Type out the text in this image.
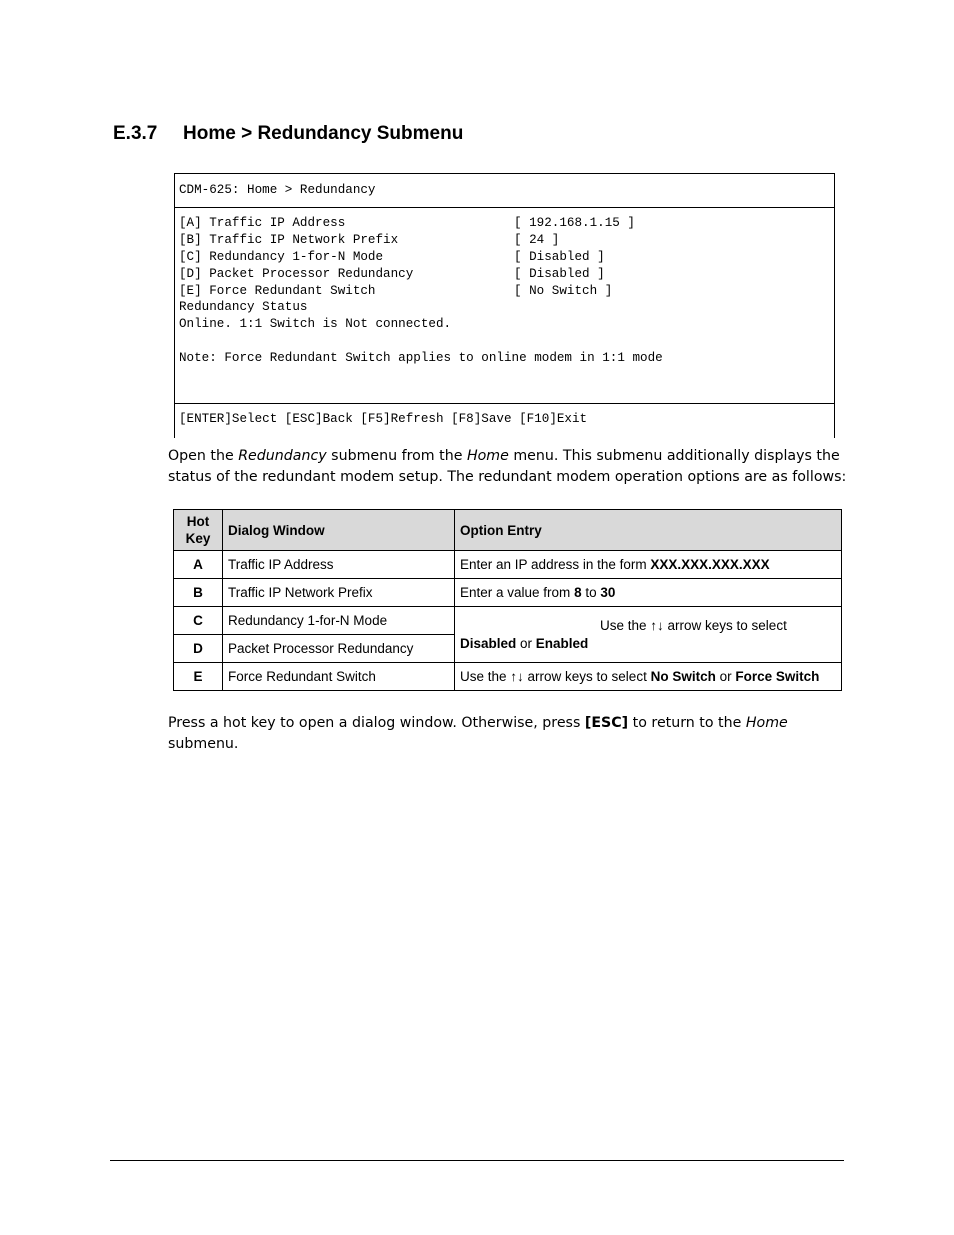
E.3.7 Home > Redundancy Submenu
CDM-625: Home > Redundancy
[A] Traffic IP Address	[ 192.168.1.15 ]
[B] Traffic IP Network Prefix	[ 24 ]
[C] Redundancy 1-for-N Mode	[ Disabled ]
[D] Packet Processor Redundancy	[ Disabled ]
[E] Force Redundant Switch	[ No Switch ]
Redundancy Status
Online. 1:1 Switch is Not connected.
Note: Force Redundant Switch applies to online modem in 1:1 mode
[ENTER]Select [ESC]Back [F5]Refresh [F8]Save [F10]Exit
Open the Redundancy submenu from the Home menu. This submenu additionally displays the status of the redundant modem setup. The redundant modem operation options are as follows:
Hot
Key	Dialog Window	Option Entry
A	Traffic IP Address	Enter an IP address in the form XXX.XXX.XXX.XXX
B	Traffic IP Network Prefix	Enter a value from 8 to 30
C	Redundancy 1-for-N Mode	Use the ↑↓ arrow keys to select
Disabled or Enabled

D	Packet Processor Redundancy	
E	Force Redundant Switch	Use the ↑↓ arrow keys to select No Switch or Force Switch
Press a hot key to open a dialog window. Otherwise, press [ESC] to return to the Home submenu.
